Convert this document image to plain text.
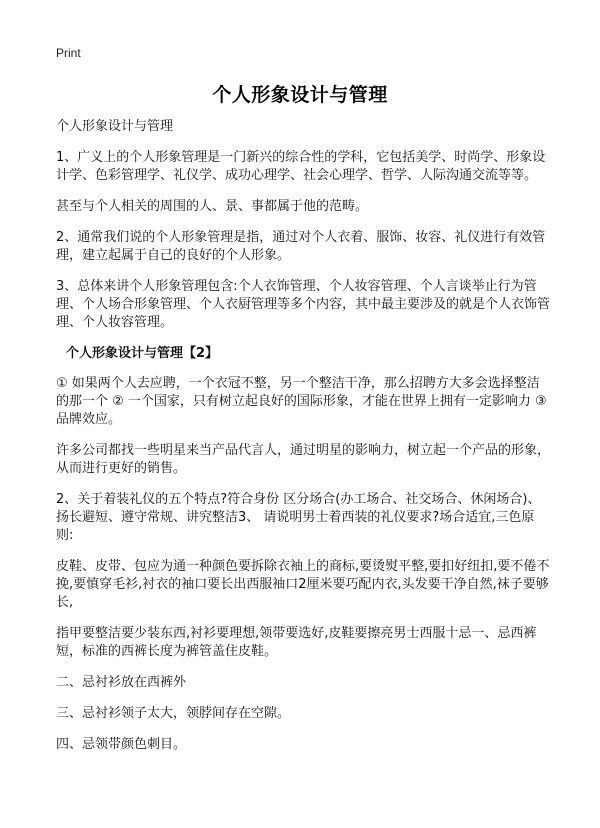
Print
个人形象设计与管理

个人形象设计与管理

1、广义上的个人形象管理是一门新兴的综合性的学科，它包括美学、时尚学、形象设计学、色彩管理学、礼仪学、成功心理学、社会心理学、哲学、人际沟通交流等等。

甚至与个人相关的周围的人、景、事都属于他的范畴。

2、通常我们说的个人形象管理是指，通过对个人衣着、服饰、妆容、礼仪进行有效管理，建立起属于自己的良好的个人形象。

3、总体来讲个人形象管理包含:个人衣饰管理、个人妆容管理、个人言谈举止行为管理、个人场合形象管理、个人衣厨管理等多个内容，其中最主要涉及的就是个人衣饰管理、个人妆容管理。

个人形象设计与管理【2】

① 如果两个人去应聘，一个衣冠不整，另一个整洁干净，那么招聘方大多会选择整洁的那一个 ② 一个国家，只有树立起良好的国际形象，才能在世界上拥有一定影响力 ③ 品牌效应。

许多公司都找一些明星来当产品代言人，通过明星的影响力，树立起一个产品的形象，从而进行更好的销售。

2、关于着装礼仪的五个特点?符合身份 区分场合(办工场合、社交场合、休闲场合)、扬长避短、遵守常规、讲究整洁3、 请说明男士着西装的礼仪要求?场合适宜,三色原则:

皮鞋、皮带、包应为通一种颜色要拆除衣袖上的商标,要烫熨平整,要扣好纽扣,要不倦不挽,要慎穿毛衫,衬衣的袖口要长出西服袖口2厘米要巧配内衣,头发要干净自然,袜子要够长,

指甲要整洁要少装东西,衬衫要理想,领带要选好,皮鞋要擦亮男士西服十忌一、忌西裤短，标准的西裤长度为裤管盖住皮鞋。

二、忌衬衫放在西裤外

三、忌衬衫领子太大，领脖间存在空隙。

四、忌领带颜色刺目。
